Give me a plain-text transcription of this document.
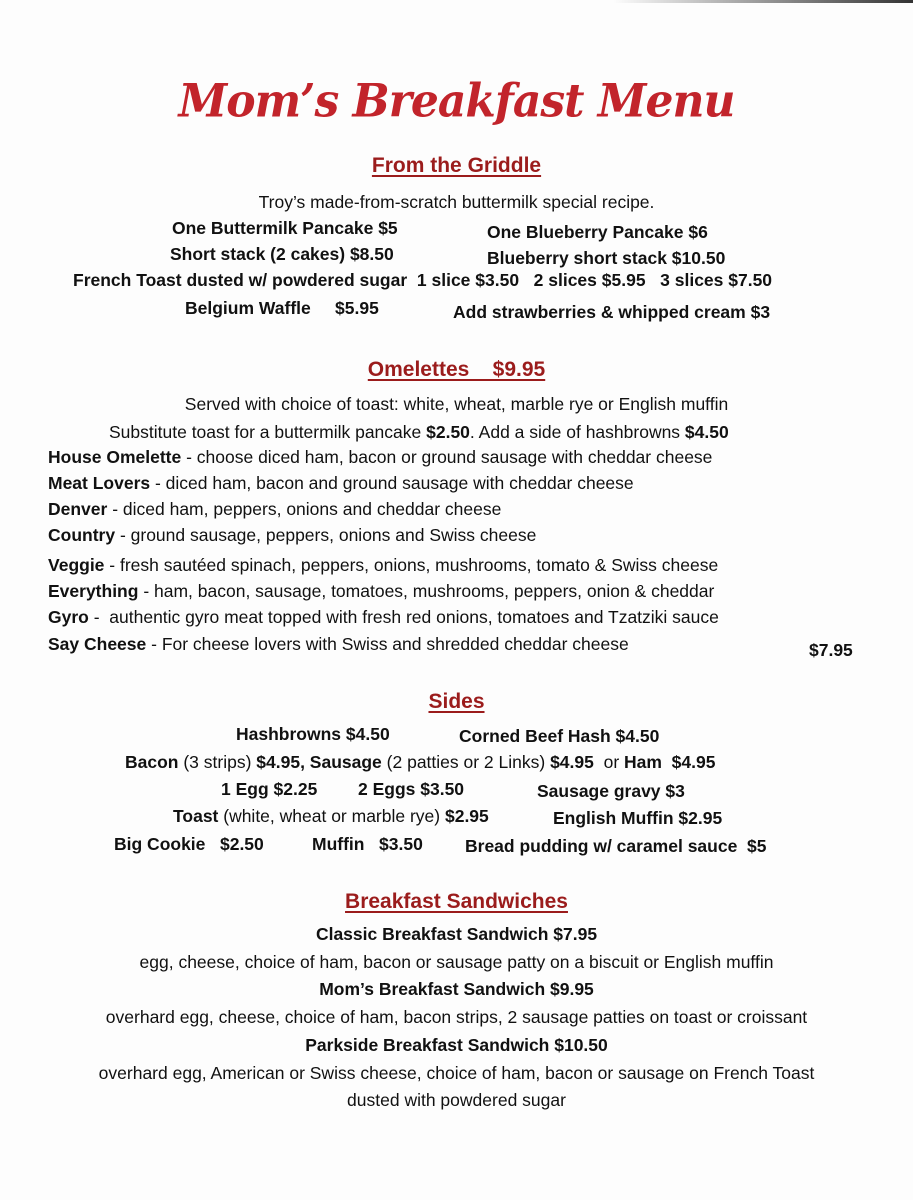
Mom’s Breakfast Menu
From the Griddle
Troy’s made-from-scratch buttermilk special recipe.
One Buttermilk Pancake $5	One Blueberry Pancake $6
Short stack (2 cakes) $8.50	Blueberry short stack $10.50
French Toast dusted w/ powdered sugar  1 slice $3.50   2 slices $5.95   3 slices $7.50
Belgium Waffle     $5.95	Add strawberries & whipped cream $3
Omelettes    $9.95
Served with choice of toast: white, wheat, marble rye or English muffin
Substitute toast for a buttermilk pancake $2.50. Add a side of hashbrowns $4.50
House Omelette - choose diced ham, bacon or ground sausage with cheddar cheese
Meat Lovers - diced ham, bacon and ground sausage with cheddar cheese
Denver - diced ham, peppers, onions and cheddar cheese
Country - ground sausage, peppers, onions and Swiss cheese
Veggie - fresh sautéed spinach, peppers, onions, mushrooms, tomato & Swiss cheese
Everything - ham, bacon, sausage, tomatoes, mushrooms, peppers, onion & cheddar
Gyro -  authentic gyro meat topped with fresh red onions, tomatoes and Tzatziki sauce
Say Cheese - For cheese lovers with Swiss and shredded cheddar cheese	$7.95
Sides
Hashbrowns $4.50	Corned Beef Hash $4.50
Bacon (3 strips) $4.95, Sausage (2 patties or 2 Links) $4.95  or Ham  $4.95
1 Egg $2.25 2 Eggs $3.50	Sausage gravy $3
Toast (white, wheat or marble rye) $2.95	English Muffin $2.95
Big Cookie   $2.50	Muffin   $3.50 Bread pudding w/ caramel sauce  $5
Breakfast Sandwiches
Classic Breakfast Sandwich $7.95
egg, cheese, choice of ham, bacon or sausage patty on a biscuit or English muffin
Mom’s Breakfast Sandwich $9.95
overhard egg, cheese, choice of ham, bacon strips, 2 sausage patties on toast or croissant
Parkside Breakfast Sandwich $10.50
overhard egg, American or Swiss cheese, choice of ham, bacon or sausage on French Toast
dusted with powdered sugar
